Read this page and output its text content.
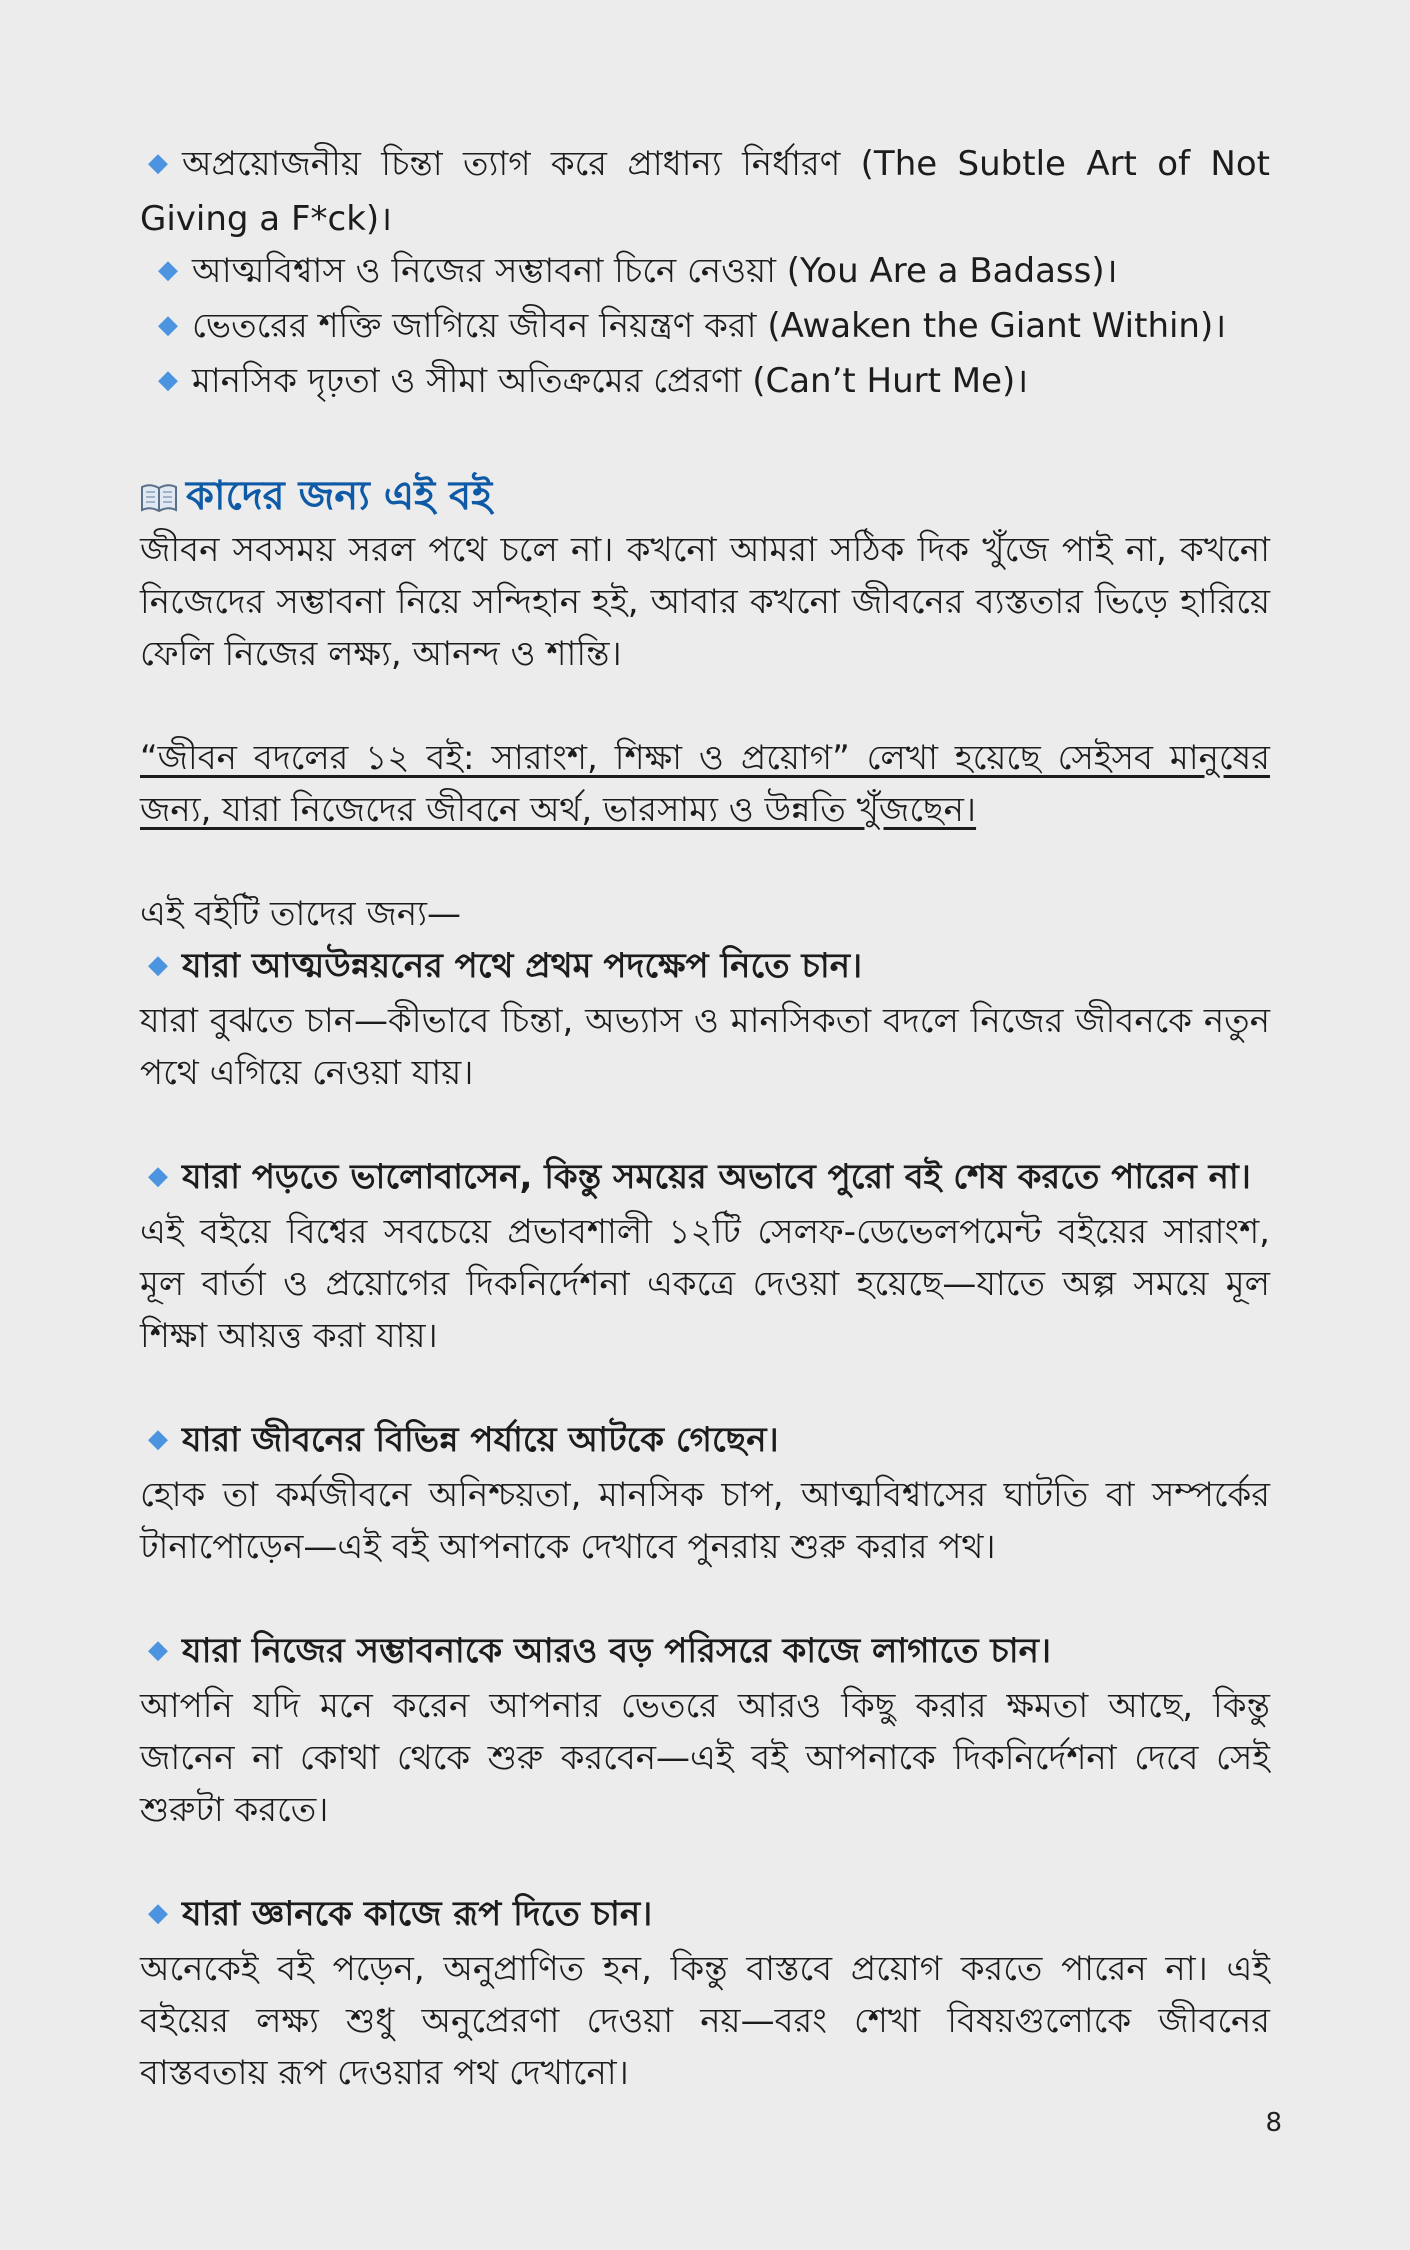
◆ অপ্রয়োজনীয় চিন্তা ত্যাগ করে প্রাধান্য নির্ধারণ (The Subtle Art of Not Giving a F*ck)।

◆ আত্মবিশ্বাস ও নিজের সম্ভাবনা চিনে নেওয়া (You Are a Badass)।

◆ ভেতরের শক্তি জাগিয়ে জীবন নিয়ন্ত্রণ করা (Awaken the Giant Within)।

◆ মানসিক দৃঢ়তা ও সীমা অতিক্রমের প্রেরণা (Can’t Hurt Me)।

কাদের জন্য এই বই

জীবন সবসময় সরল পথে চলে না। কখনো আমরা সঠিক দিক খুঁজে পাই না, কখনো নিজেদের সম্ভাবনা নিয়ে সন্দিহান হই, আবার কখনো জীবনের ব্যস্ততার ভিড়ে হারিয়ে ফেলি নিজের লক্ষ্য, আনন্দ ও শান্তি।

“জীবন বদলের ১২ বই: সারাংশ, শিক্ষা ও প্রয়োগ” লেখা হয়েছে সেইসব মানুষের জন্য, যারা নিজেদের জীবনে অর্থ, ভারসাম্য ও উন্নতি খুঁজছেন।

এই বইটি তাদের জন্য—

◆ যারা আত্মউন্নয়নের পথে প্রথম পদক্ষেপ নিতে চান।

যারা বুঝতে চান—কীভাবে চিন্তা, অভ্যাস ও মানসিকতা বদলে নিজের জীবনকে নতুন পথে এগিয়ে নেওয়া যায়।

◆ যারা পড়তে ভালোবাসেন, কিন্তু সময়ের অভাবে পুরো বই শেষ করতে পারেন না।

এই বইয়ে বিশ্বের সবচেয়ে প্রভাবশালী ১২টি সেলফ-ডেভেলপমেন্ট বইয়ের সারাংশ, মূল বার্তা ও প্রয়োগের দিকনির্দেশনা একত্রে দেওয়া হয়েছে—যাতে অল্প সময়ে মূল শিক্ষা আয়ত্ত করা যায়।

◆ যারা জীবনের বিভিন্ন পর্যায়ে আটকে গেছেন।

হোক তা কর্মজীবনে অনিশ্চয়তা, মানসিক চাপ, আত্মবিশ্বাসের ঘাটতি বা সম্পর্কের টানাপোড়েন—এই বই আপনাকে দেখাবে পুনরায় শুরু করার পথ।

◆ যারা নিজের সম্ভাবনাকে আরও বড় পরিসরে কাজে লাগাতে চান।

আপনি যদি মনে করেন আপনার ভেতরে আরও কিছু করার ক্ষমতা আছে, কিন্তু জানেন না কোথা থেকে শুরু করবেন—এই বই আপনাকে দিকনির্দেশনা দেবে সেই শুরুটা করতে।

◆ যারা জ্ঞানকে কাজে রূপ দিতে চান।

অনেকেই বই পড়েন, অনুপ্রাণিত হন, কিন্তু বাস্তবে প্রয়োগ করতে পারেন না। এই বইয়ের লক্ষ্য শুধু অনুপ্রেরণা দেওয়া নয়—বরং শেখা বিষয়গুলোকে জীবনের বাস্তবতায় রূপ দেওয়ার পথ দেখানো।

8
